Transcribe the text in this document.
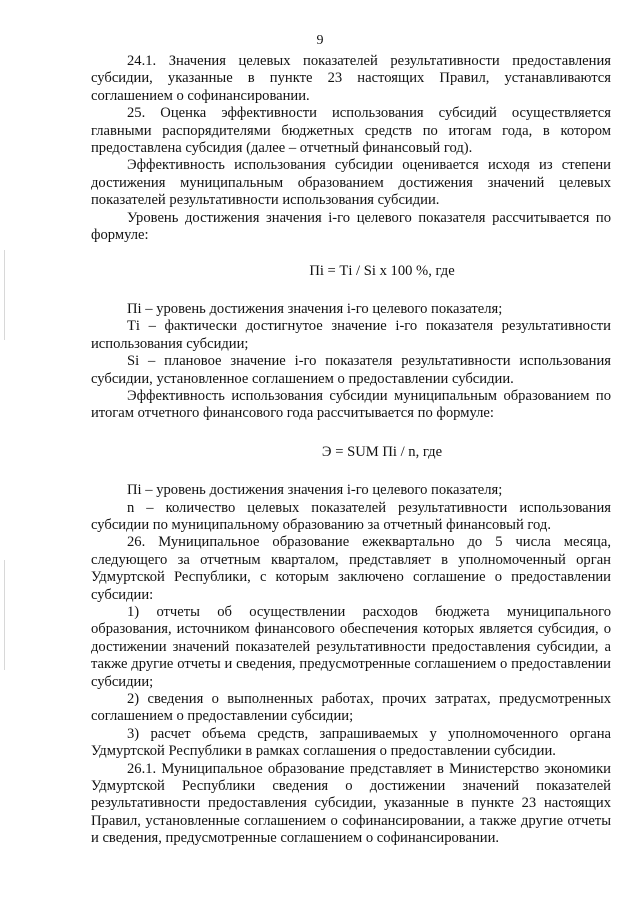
9

24.1. Значения целевых показателей результативности предоставления субсидии, указанные в пункте 23 настоящих Правил, устанавливаются соглашением о софинансировании.

25. Оценка эффективности использования субсидий осуществляется главными распорядителями бюджетных средств по итогам года, в котором предоставлена субсидия (далее – отчетный финансовый год).

Эффективность использования субсидии оценивается исходя из степени достижения муниципальным образованием достижения значений целевых показателей результативности использования субсидии.

Уровень достижения значения i-го целевого показателя рассчитывается по формуле:

Пi = Тi / Si х 100 %, где

Пi – уровень достижения значения i-го целевого показателя;

Тi – фактически достигнутое значение i-го показателя результативности использования субсидии;

Si – плановое значение i-го показателя результативности использования субсидии, установленное соглашением о предоставлении субсидии.

Эффективность использования субсидии муниципальным образованием по итогам отчетного финансового года рассчитывается по формуле:

Э = SUM Пi / n, где

Пi – уровень достижения значения i-го целевого показателя;

n – количество целевых показателей результативности использования субсидии по муниципальному образованию за отчетный финансовый год.

26. Муниципальное образование ежеквартально до 5 числа месяца, следующего за отчетным кварталом, представляет в уполномоченный орган Удмуртской Республики, с которым заключено соглашение о предоставлении субсидии:

1) отчеты об осуществлении расходов бюджета муниципального образования, источником финансового обеспечения которых является субсидия, о достижении значений показателей результативности предоставления субсидии, а также другие отчеты и сведения, предусмотренные соглашением о предоставлении субсидии;

2) сведения о выполненных работах, прочих затратах, предусмотренных соглашением о предоставлении субсидии;

3) расчет объема средств, запрашиваемых у уполномоченного органа Удмуртской Республики в рамках соглашения о предоставлении субсидии.

26.1. Муниципальное образование представляет в Министерство экономики Удмуртской Республики сведения о достижении значений показателей результативности предоставления субсидии, указанные в пункте 23 настоящих Правил, установленные соглашением о софинансировании, а также другие отчеты и сведения, предусмотренные соглашением о софинансировании.
